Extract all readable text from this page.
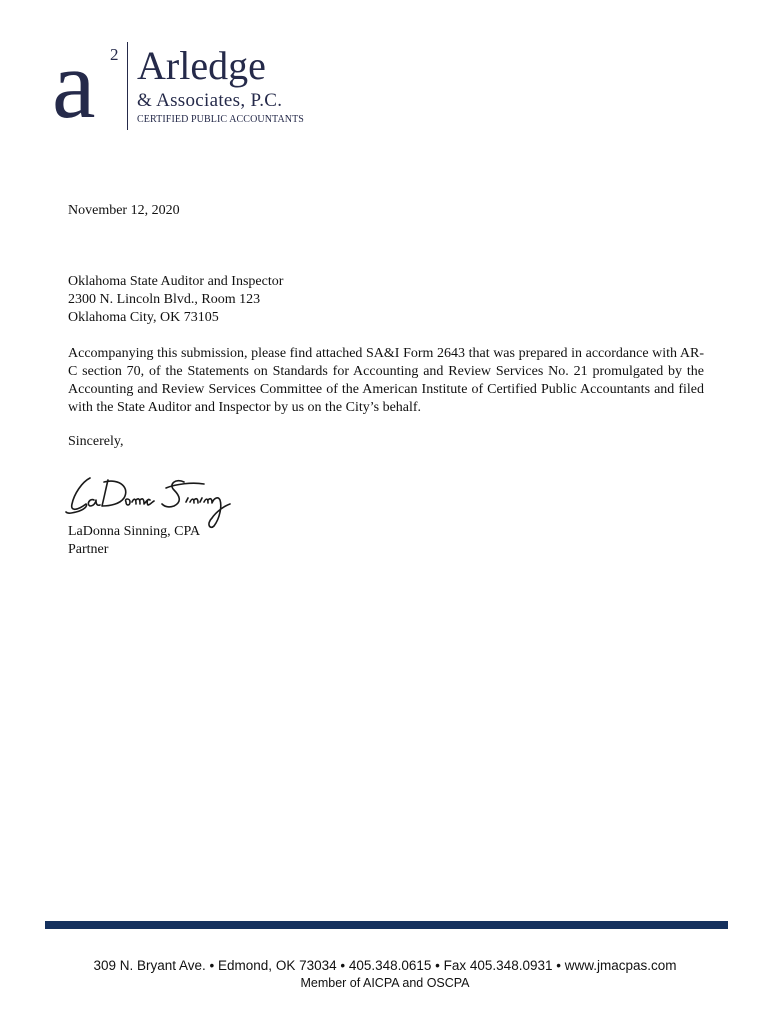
a 2 Arledge
& Associates, P.C.
CERTIFIED PUBLIC ACCOUNTANTS
November 12, 2020
Oklahoma State Auditor and Inspector
2300 N. Lincoln Blvd., Room 123
Oklahoma City, OK 73105
Accompanying this submission, please find attached SA&I Form 2643 that was prepared in accordance with AR-C section 70, of the Statements on Standards for Accounting and Review Services No. 21 promulgated by the Accounting and Review Services Committee of the American Institute of Certified Public Accountants and filed with the State Auditor and Inspector by us on the City’s behalf.
Sincerely,
LaDonna Sinning, CPA
Partner
309 N. Bryant Ave. • Edmond, OK 73034 • 405.348.0615 • Fax 405.348.0931 • www.jmacpas.com
Member of AICPA and OSCPA
